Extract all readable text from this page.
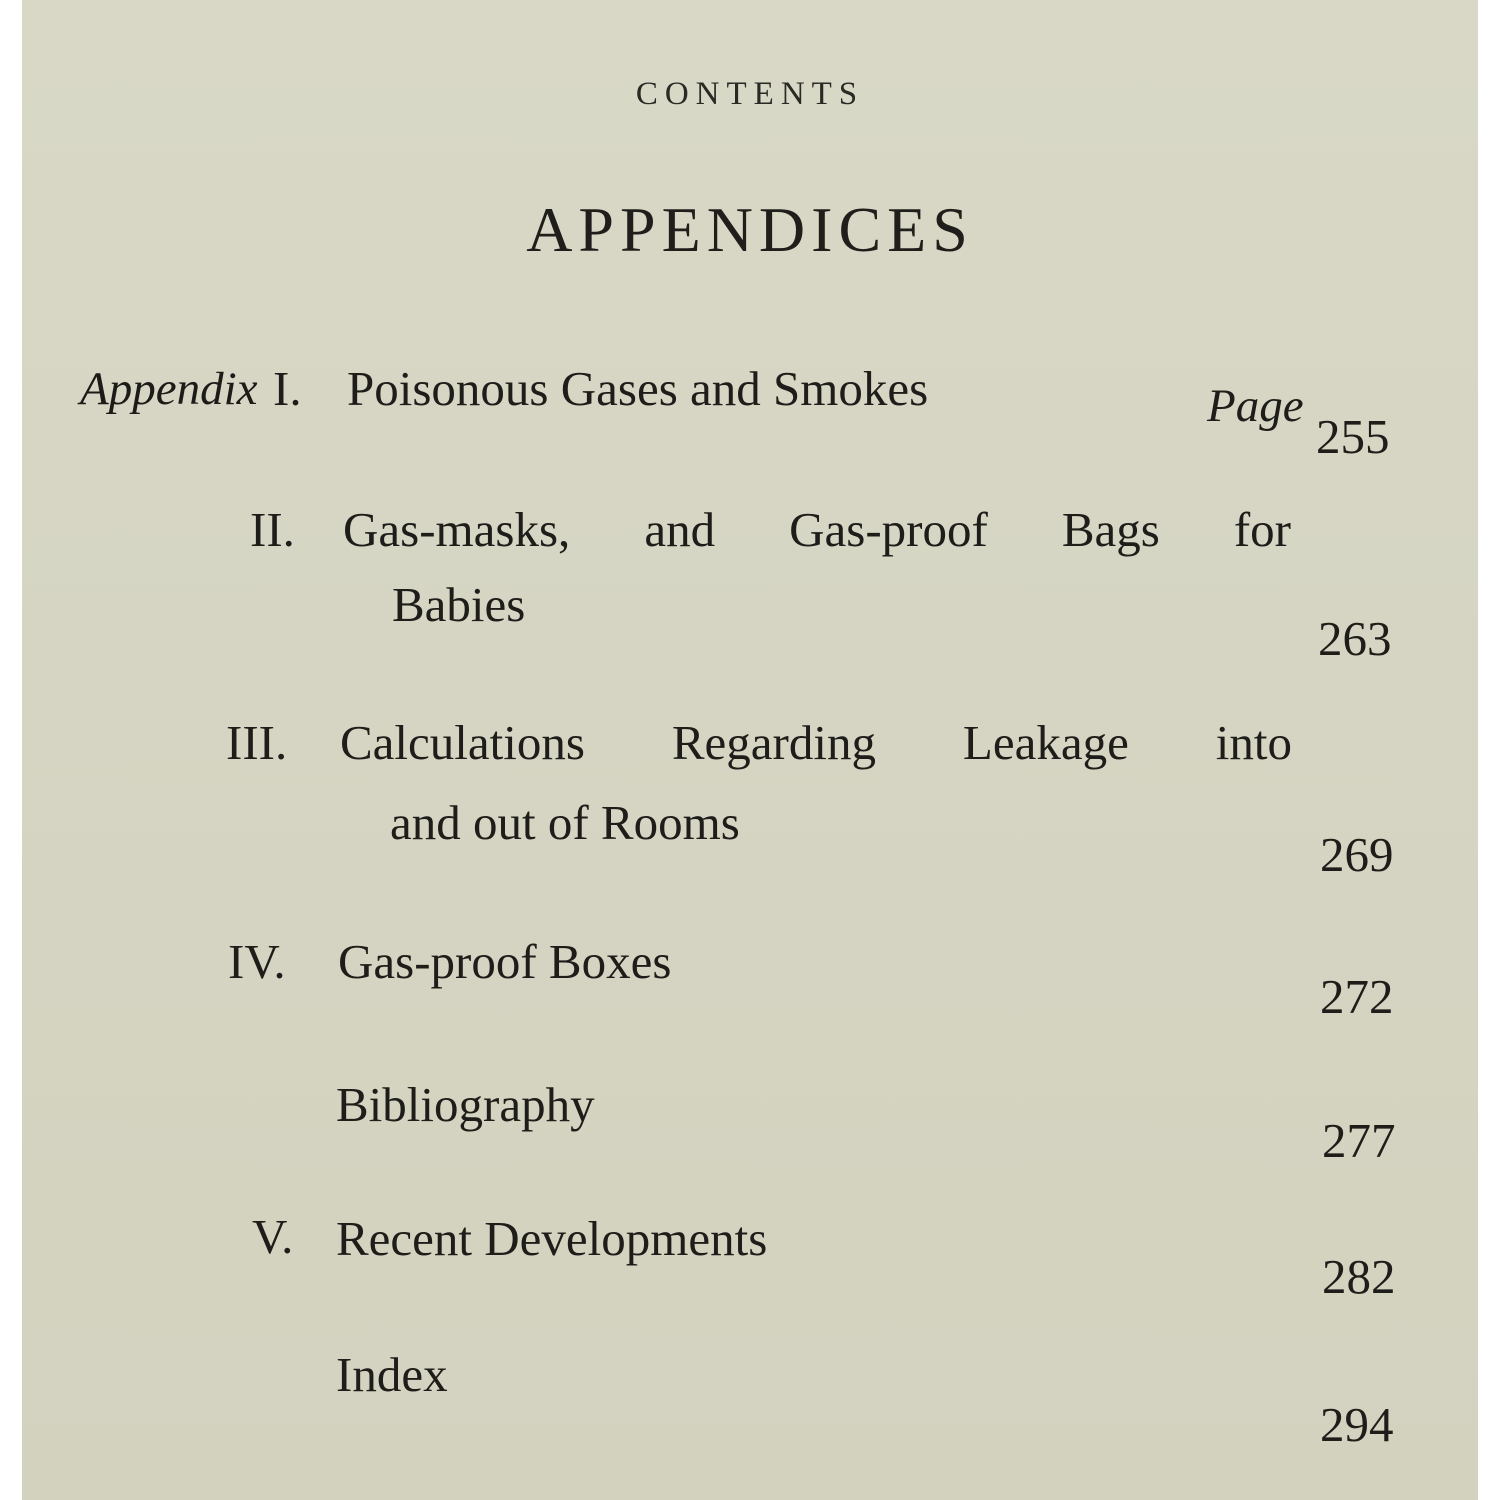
CONTENTS
APPENDICES
Appendix I. Poisonous Gases and Smokes	Page
255
II. Gas-masks, and Gas-proof Bags for
Babies
263
III. Calculations Regarding Leakage into
and out of Rooms
269
IV. Gas-proof Boxes
272
Bibliography
277
V. Recent Developments
282
Index
294
